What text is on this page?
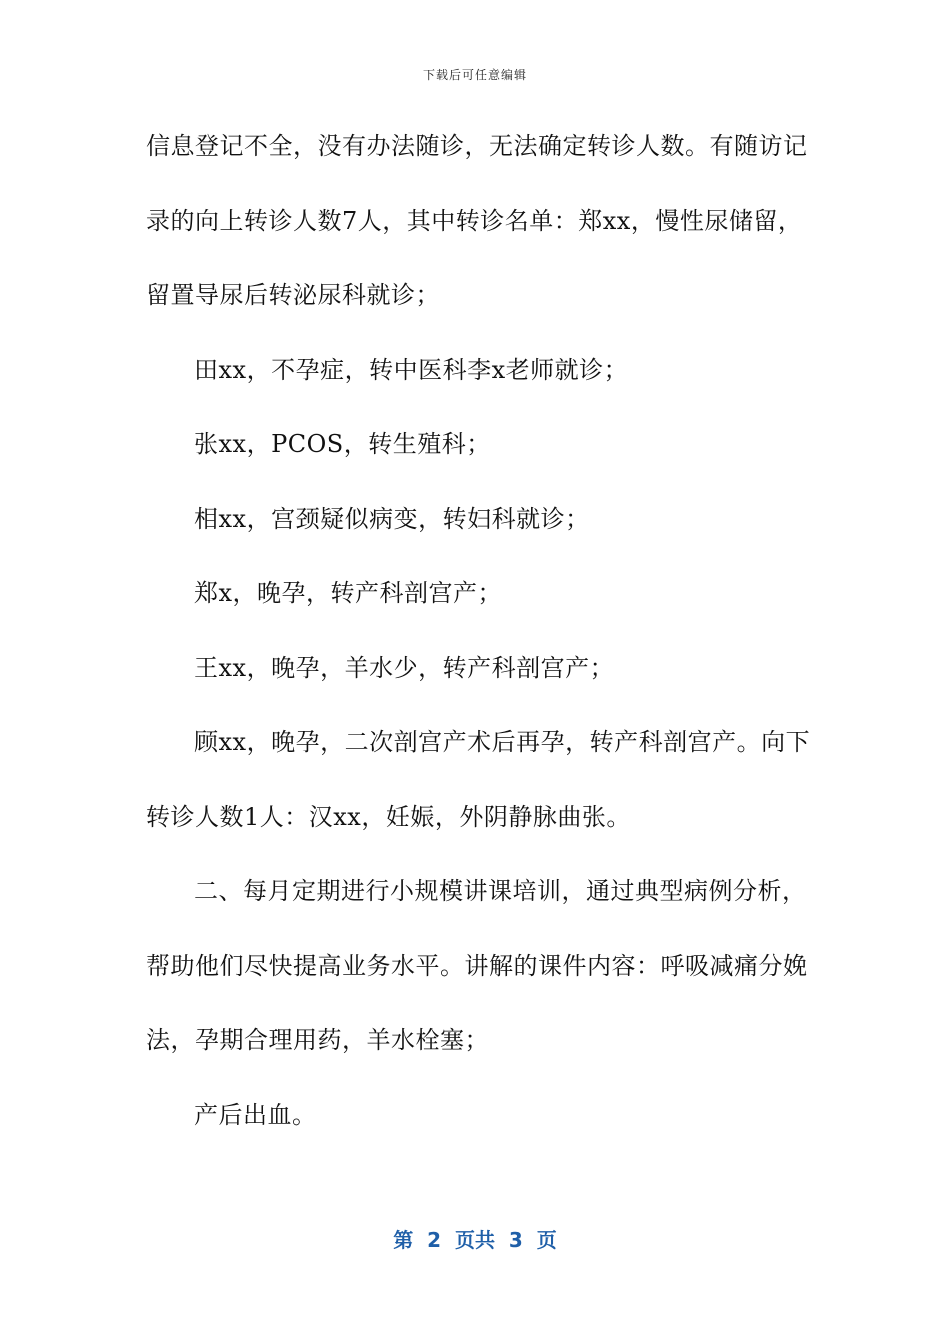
下载后可任意编辑
信息登记不全，没有办法随诊，无法确定转诊人数。有随访记
录的向上转诊人数7人，其中转诊名单：郑xx，慢性尿储留，
留置导尿后转泌尿科就诊；
田xx，不孕症，转中医科李x老师就诊；
张xx，PCOS，转生殖科；
相xx，宫颈疑似病变，转妇科就诊；
郑x，晚孕，转产科剖宫产；
王xx，晚孕，羊水少，转产科剖宫产；
顾xx，晚孕，二次剖宫产术后再孕，转产科剖宫产。向下
转诊人数1人：汉xx，妊娠，外阴静脉曲张。
二、每月定期进行小规模讲课培训，通过典型病例分析，
帮助他们尽快提高业务水平。讲解的课件内容：呼吸减痛分娩
法，孕期合理用药，羊水栓塞；
产后出血。
第  2  页共  3  页
